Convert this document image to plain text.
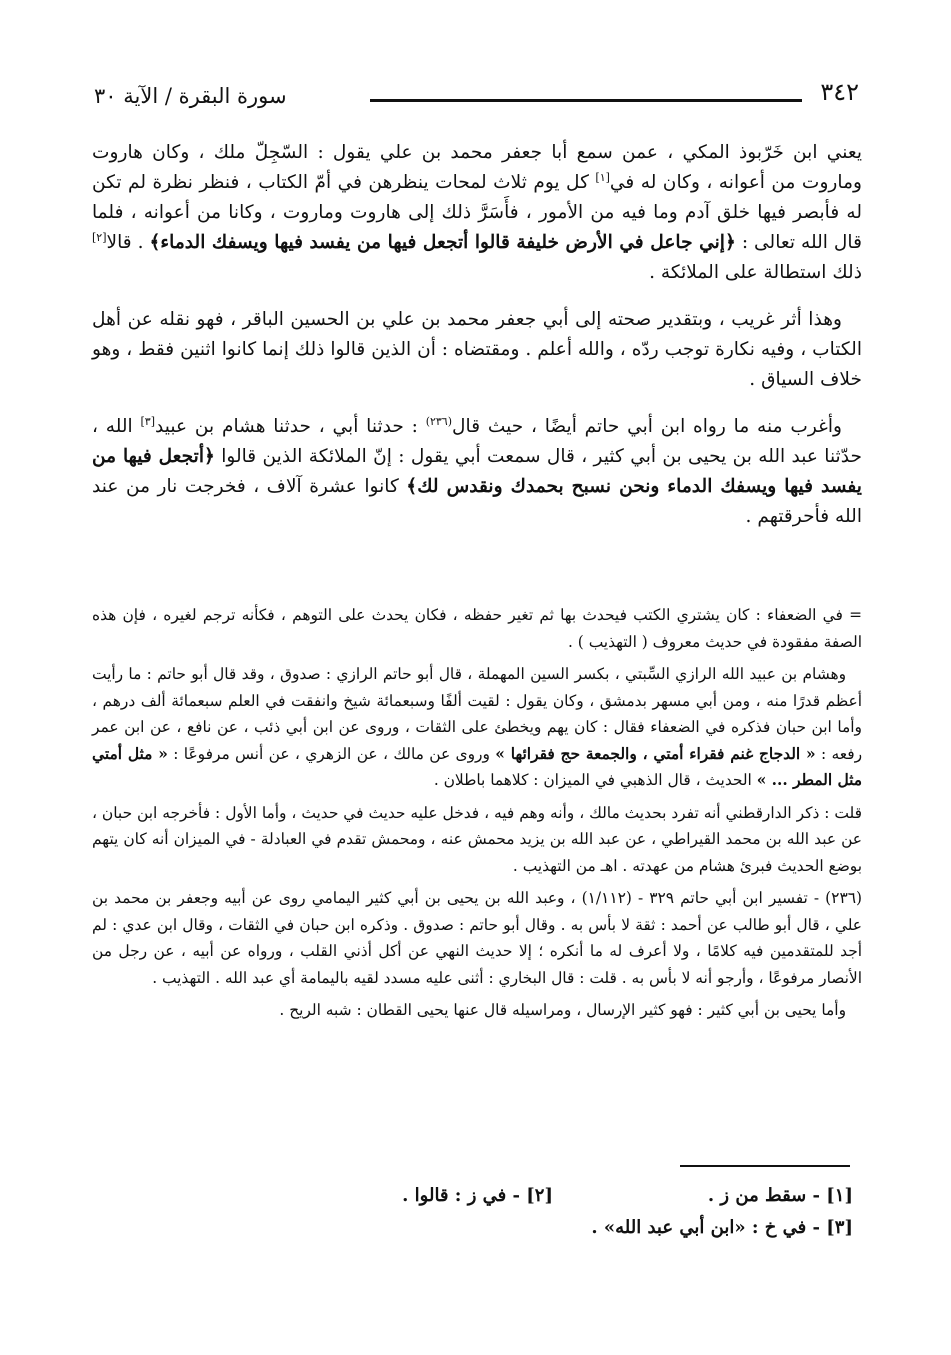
٣٤٢
سورة البقرة / الآية ٣٠

يعني ابن خَرّبوذ المكي ، عمن سمع أبا جعفر محمد بن علي يقول : السّجِلّ ملك ، وكان هاروت وماروت من أعوانه ، وكان له في[١] كل يوم ثلاث لمحات ينظرهن في أمّ الكتاب ، فنظر نظرة لم تكن له فأبصر فيها خلق آدم وما فيه من الأمور ، فأَسَرَّ ذلك إلى هاروت وماروت ، وكانا من أعوانه ، فلما قال الله تعالى : ﴿إني جاعل في الأرض خليفة قالوا أتجعل فيها من يفسد فيها ويسفك الدماء﴾ . قالا[٢] ذلك استطالة على الملائكة .

وهذا أثر غريب ، وبتقدير صحته إلى أبي جعفر محمد بن علي بن الحسين الباقر ، فهو نقله عن أهل الكتاب ، وفيه نكارة توجب ردّه ، والله أعلم . ومقتضاه : أن الذين قالوا ذلك إنما كانوا اثنين فقط ، وهو خلاف السياق .

وأغرب منه ما رواه ابن أبي حاتم أيضًا ، حيث قال$^{(٢٣٦)}$ : حدثنا أبي ، حدثنا هشام بن عبيد[٣] الله ، حدّثنا عبد الله بن يحيى بن أبي كثير ، قال سمعت أبي يقول : إنّ الملائكة الذين قالوا ﴿أتجعل فيها من يفسد فيها ويسفك الدماء ونحن نسبح بحمدك ونقدس لك﴾ كانوا عشرة آلاف ، فخرجت نار من عند الله فأحرقتهم .

= في الضعفاء : كان يشتري الكتب فيحدث بها ثم تغير حفظه ، فكان يحدث على التوهم ، فكأنه ترجم لغيره ، فإن هذه الصفة مفقودة في حديث معروف ( التهذيب ) .

وهشام بن عبيد الله الرازي السِّبتي ، بكسر السين المهملة ، قال أبو حاتم الرازي : صدوق ، وقد قال أبو حاتم : ما رأيت أعظم قدرًا منه ، ومن أبي مسهر بدمشق ، وكان يقول : لقيت ألفًا وسبعمائة شيخ وانفقت في العلم سبعمائة ألف درهم ، وأما ابن حبان فذكره في الضعفاء فقال : كان يهم ويخطئ على الثقات ، وروى عن ابن أبي ذئب ، عن نافع ، عن ابن عمر رفعه : « الدجاج غنم فقراء أمتي ، والجمعة حج فقرائها » وروى عن مالك ، عن الزهري ، عن أنس مرفوعًا : « مثل أمتي مثل المطر ... » الحديث ، قال الذهبي في الميزان : كلاهما باطلان .

قلت : ذكر الدارقطني أنه تفرد بحديث مالك ، وأنه وهم فيه ، فدخل عليه حديث في حديث ، وأما الأول : فأخرجه ابن حبان ، عن عبد الله بن محمد القيراطي ، عن عبد الله بن يزيد محمش عنه ، ومحمش تقدم في العبادلة - في الميزان أنه كان يتهم بوضع الحديث فبرئ هشام من عهدته . اهـ من التهذيب .

(٢٣٦) - تفسير ابن أبي حاتم ٣٢٩ - (١/١١٢) ، وعبد الله بن يحيى بن أبي كثير اليمامي روى عن أبيه وجعفر بن محمد بن علي ، قال أبو طالب عن أحمد : ثقة لا بأس به . وقال أبو حاتم : صدوق . وذكره ابن حبان في الثقات ، وقال ابن عدي : لم أجد للمتقدمين فيه كلامًا ، ولا أعرف له ما أنكره ؛ إلا حديث النهي عن أكل أذني القلب ، ورواه عن أبيه ، عن رجل من الأنصار مرفوعًا ، وأرجو أنه لا بأس به . قلت : قال البخاري : أثنى عليه مسدد لقيه باليمامة أي عبد الله . التهذيب .

وأما يحيى بن أبي كثير : فهو كثير الإرسال ، ومراسيله قال عنها يحيى القطان : شبه الريح .

[١] - سقط من ز .
[٢] - في ز : قالوا .
[٣] - في خ : «ابن أبي عبد الله» .
